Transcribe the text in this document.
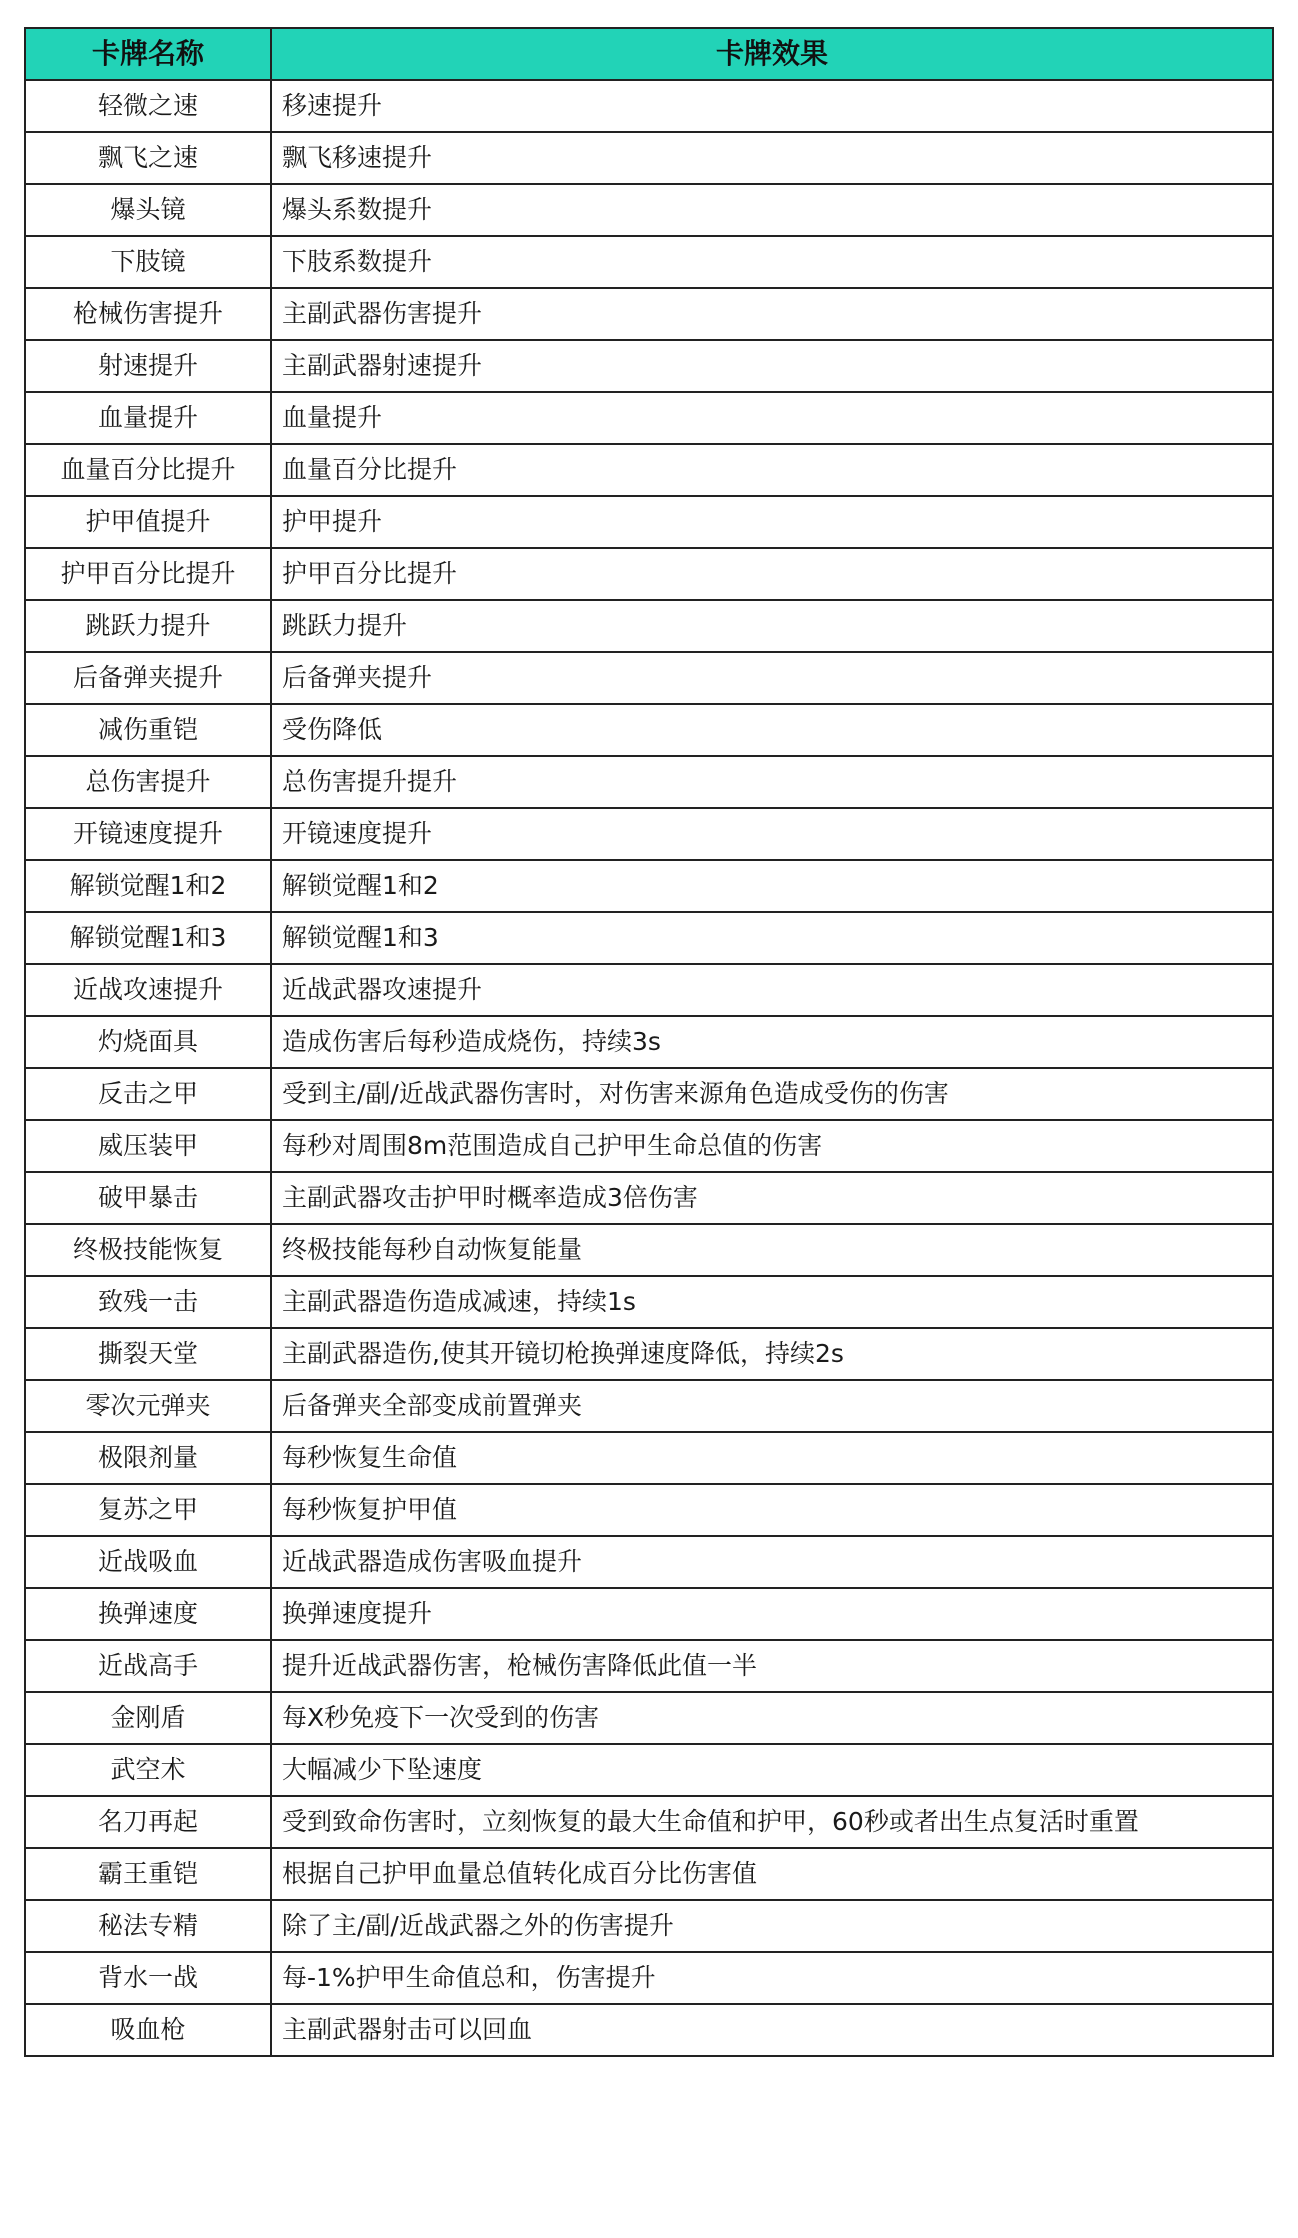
卡牌名称	卡牌效果
轻微之速	移速提升
飘飞之速	飘飞移速提升
爆头镜	爆头系数提升
下肢镜	下肢系数提升
枪械伤害提升	主副武器伤害提升
射速提升	主副武器射速提升
血量提升	血量提升
血量百分比提升	血量百分比提升
护甲值提升	护甲提升
护甲百分比提升	护甲百分比提升
跳跃力提升	跳跃力提升
后备弹夹提升	后备弹夹提升
减伤重铠	受伤降低
总伤害提升	总伤害提升提升
开镜速度提升	开镜速度提升
解锁觉醒1和2	解锁觉醒1和2
解锁觉醒1和3	解锁觉醒1和3
近战攻速提升	近战武器攻速提升
灼烧面具	造成伤害后每秒造成烧伤，持续3s
反击之甲	受到主/副/近战武器伤害时，对伤害来源角色造成受伤的伤害
威压装甲	每秒对周围8m范围造成自己护甲生命总值的伤害
破甲暴击	主副武器攻击护甲时概率造成3倍伤害
终极技能恢复	终极技能每秒自动恢复能量
致残一击	主副武器造伤造成减速，持续1s
撕裂天堂	主副武器造伤,使其开镜切枪换弹速度降低，持续2s
零次元弹夹	后备弹夹全部变成前置弹夹
极限剂量	每秒恢复生命值
复苏之甲	每秒恢复护甲值
近战吸血	近战武器造成伤害吸血提升
换弹速度	换弹速度提升
近战高手	提升近战武器伤害，枪械伤害降低此值一半
金刚盾	每X秒免疫下一次受到的伤害
武空术	大幅减少下坠速度
名刀再起	受到致命伤害时，立刻恢复的最大生命值和护甲，60秒或者出生点复活时重置
霸王重铠	根据自己护甲血量总值转化成百分比伤害值
秘法专精	除了主/副/近战武器之外的伤害提升
背水一战	每-1%护甲生命值总和，伤害提升
吸血枪	主副武器射击可以回血
